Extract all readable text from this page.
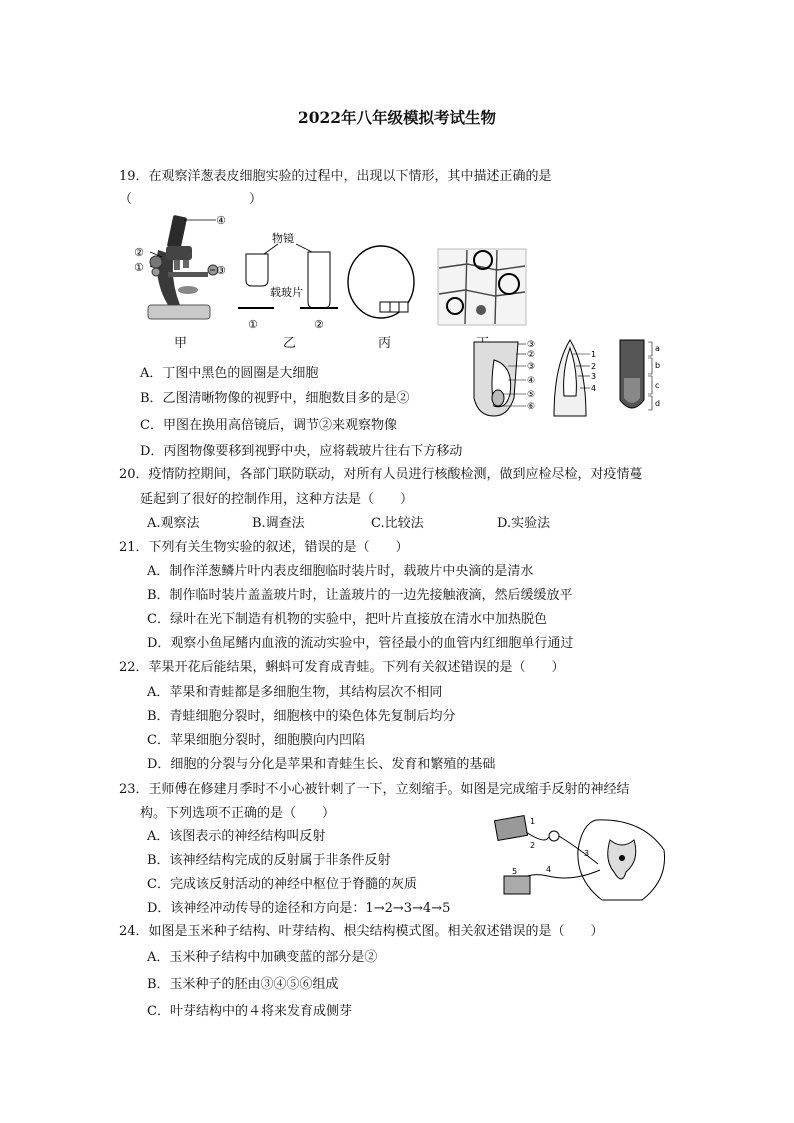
2022年八年级模拟考试生物
19．在观察洋葱表皮细胞实验的过程中，出现以下情形，其中描述正确的是
（　　　　　　　　　）
④
②
①	③
甲
物镜
载玻片
①	②
乙	丙
A．丁图中黑色的圆圈是大细胞
B．乙图清晰物像的视野中，细胞数目多的是②
C．甲图在换用高倍镜后，调节②来观察物像
D．丙图物像要移到视野中央，应将载玻片往右下方移动
③
②
③
④
⑤
⑥
1
2
3
4
a
b
c
d
20．疫情防控期间，各部门联防联动，对所有人员进行核酸检测，做到应检尽检，对疫情蔓
延起到了很好的控制作用，这种方法是（　　）
A.观察法	B.调查法	C.比较法	D.实验法
21．下列有关生物实验的叙述，错误的是（　　）
A．制作洋葱鳞片叶内表皮细胞临时装片时，载玻片中央滴的是清水
B．制作临时装片盖盖玻片时，让盖玻片的一边先接触液滴，然后缓缓放平
C．绿叶在光下制造有机物的实验中，把叶片直接放在清水中加热脱色
D．观察小鱼尾鳍内血液的流动实验中，管径最小的血管内红细胞单行通过
22．苹果开花后能结果，蝌蚪可发育成青蛙。下列有关叙述错误的是（　　）
A．苹果和青蛙都是多细胞生物，其结构层次不相同
B．青蛙细胞分裂时，细胞核中的染色体先复制后均分
C．苹果细胞分裂时，细胞膜向内凹陷
D．细胞的分裂与分化是苹果和青蛙生长、发育和繁殖的基础
23．王师傅在修建月季时不小心被针刺了一下，立刻缩手。如图是完成缩手反射的神经结
构。下列选项不正确的是（　　）
A．该图表示的神经结构叫反射
B．该神经结构完成的反射属于非条件反射
C．完成该反射活动的神经中枢位于脊髓的灰质
D．该神经冲动传导的途径和方向是：1→2→3→4→5
1
2
3
4
5
24．如图是玉米种子结构、叶芽结构、根尖结构模式图。相关叙述错误的是（　　）
A．玉米种子结构中加碘变蓝的部分是②
B．玉米种子的胚由③④⑤⑥组成
C．叶芽结构中的４将来发育成侧芽
